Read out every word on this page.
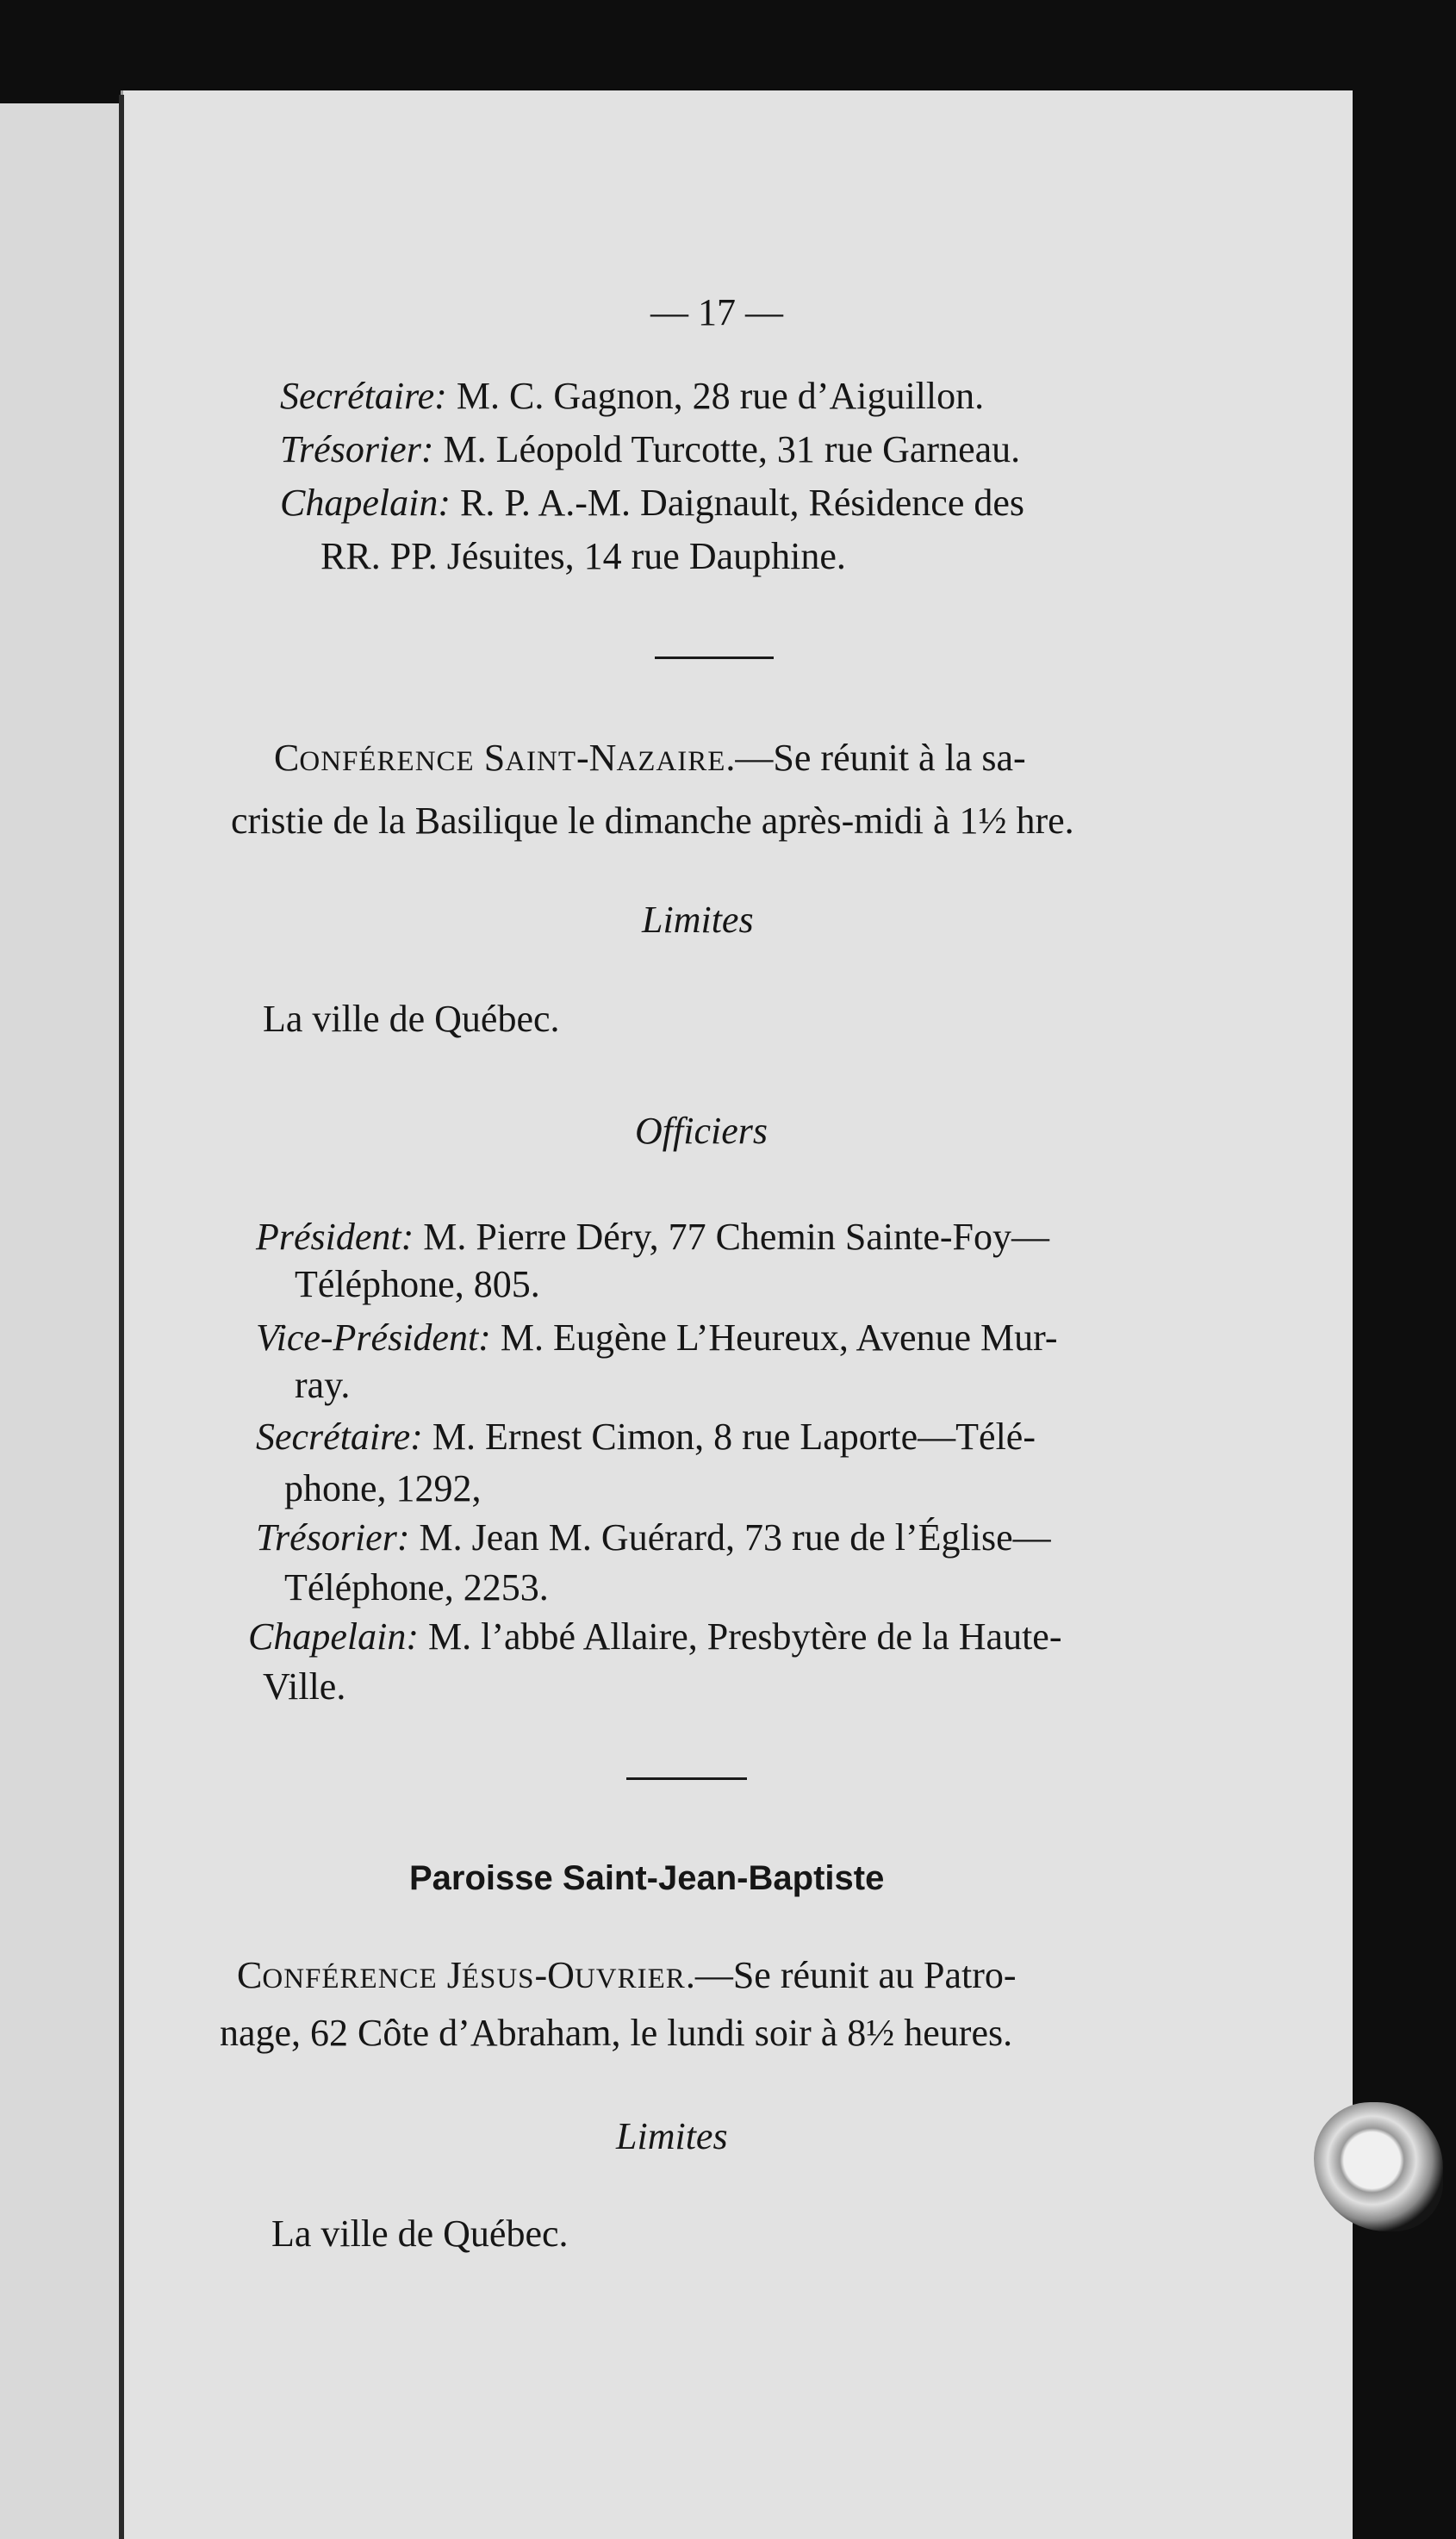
— 17 —
Secrétaire: M. C. Gagnon, 28 rue d’Aiguillon.
Trésorier: M. Léopold Turcotte, 31 rue Garneau.
Chapelain: R. P. A.-M. Daignault, Résidence des
RR. PP. Jésuites, 14 rue Dauphine.
CONFÉRENCE SAINT-NAZAIRE.—Se réunit à la sa-
cristie de la Basilique le dimanche après-midi à 1½ hre.
Limites
La ville de Québec.
Officiers
Président: M. Pierre Déry, 77 Chemin Sainte-Foy—
Téléphone, 805.
Vice-Président: M. Eugène L’Heureux, Avenue Mur-
ray.
Secrétaire: M. Ernest Cimon, 8 rue Laporte—Télé-
phone, 1292,
Trésorier: M. Jean M. Guérard, 73 rue de l’Église—
Téléphone, 2253.
Chapelain: M. l’abbé Allaire, Presbytère de la Haute-
Ville.
Paroisse Saint-Jean-Baptiste
CONFÉRENCE JÉSUS-OUVRIER.—Se réunit au Patro-
nage, 62 Côte d’Abraham, le lundi soir à 8½ heures.
Limites
La ville de Québec.
